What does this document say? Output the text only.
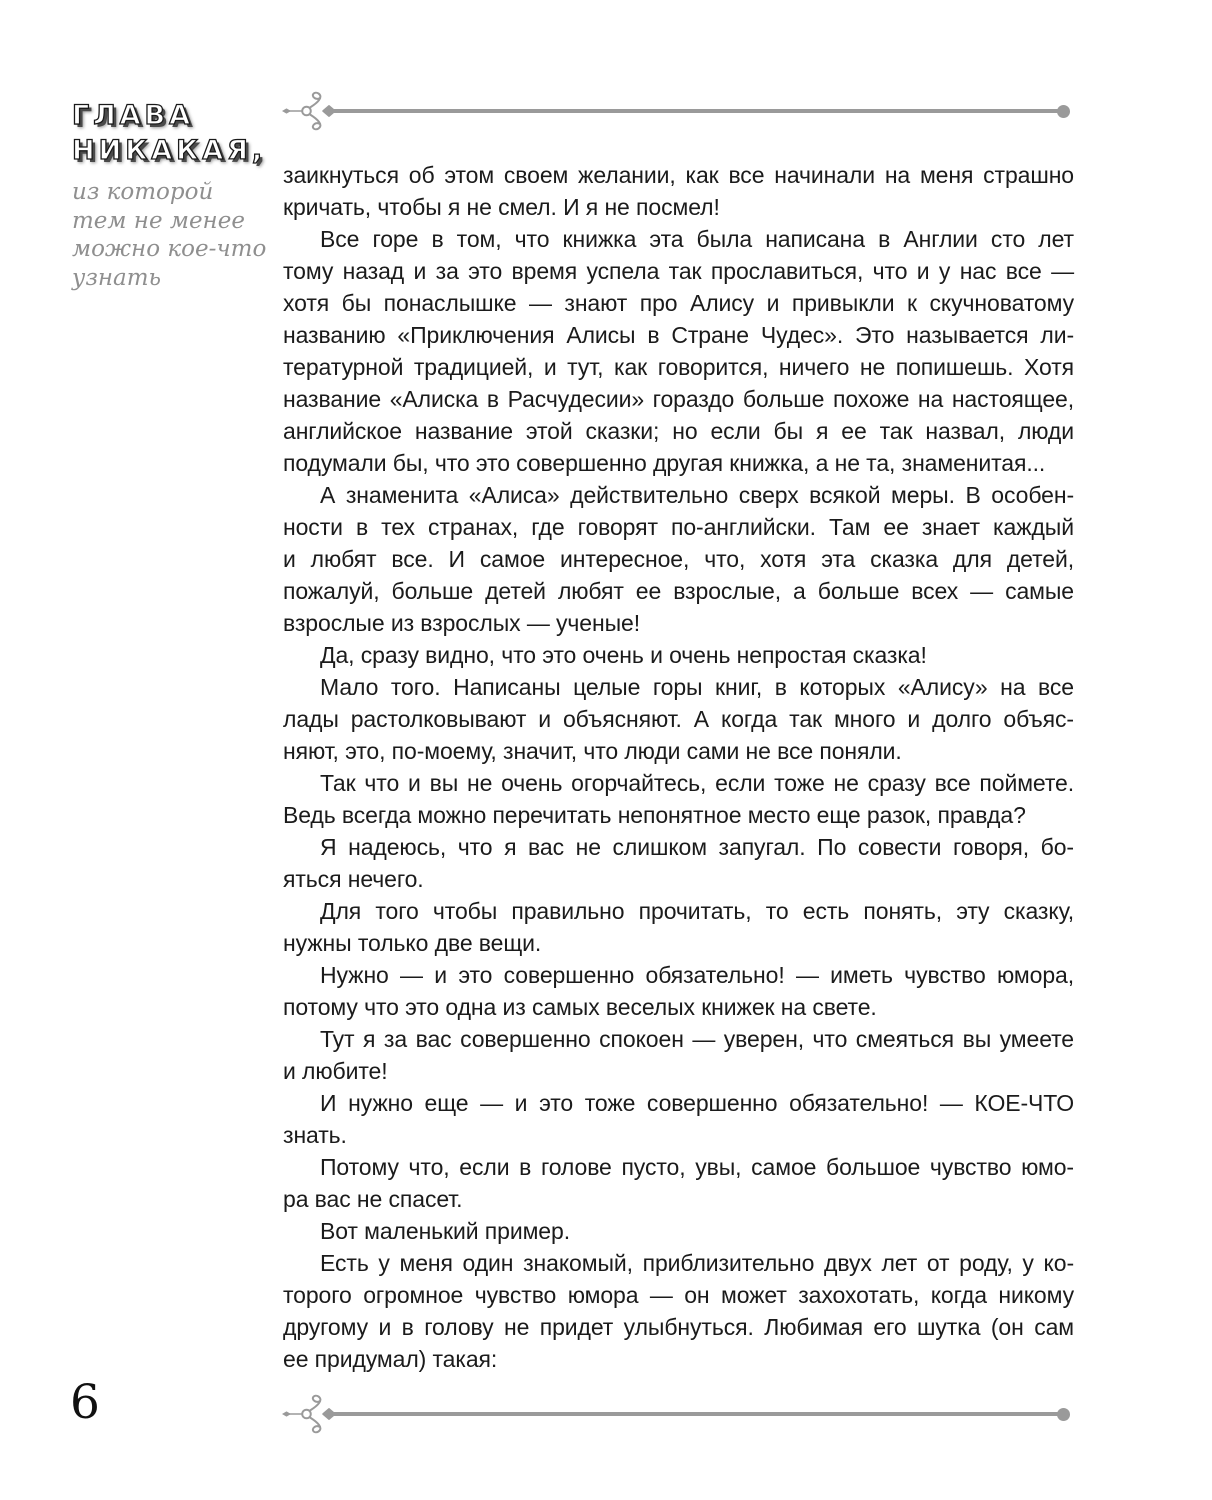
ГЛАВА
НИКАКАЯ,
из которой
тем не менее
можно кое-что
узнать
заикнуться об этом своем желании, как все начинали на меня страшно
кричать, чтобы я не смел. И я не посмел!
Все горе в том, что книжка эта была написана в Англии сто лет
тому назад и за это время успела так прославиться, что и у нас все —
хотя бы понаслышке — знают про Алису и привыкли к скучноватому
названию «Приключения Алисы в Стране Чудес». Это называется ли-
тературной традицией, и тут, как говорится, ничего не попишешь. Хотя
название «Алиска в Расчудесии» гораздо больше похоже на настоящее,
английское название этой сказки; но если бы я ее так назвал, люди
подумали бы, что это совершенно другая книжка, а не та, знаменитая...
А знаменита «Алиса» действительно сверх всякой меры. В особен-
ности в тех странах, где говорят по-английски. Там ее знает каждый
и любят все. И самое интересное, что, хотя эта сказка для детей,
пожалуй, больше детей любят ее взрослые, а больше всех — самые
взрослые из взрослых — ученые!
Да, сразу видно, что это очень и очень непростая сказка!
Мало того. Написаны целые горы книг, в которых «Алису» на все
лады растолковывают и объясняют. А когда так много и долго объяс-
няют, это, по-моему, значит, что люди сами не все поняли.
Так что и вы не очень огорчайтесь, если тоже не сразу все поймете.
Ведь всегда можно перечитать непонятное место еще разок, правда?
Я надеюсь, что я вас не слишком запугал. По совести говоря, бо-
яться нечего.
Для того чтобы правильно прочитать, то есть понять, эту сказку,
нужны только две вещи.
Нужно — и это совершенно обязательно! — иметь чувство юмора,
потому что это одна из самых веселых книжек на свете.
Тут я за вас совершенно спокоен — уверен, что смеяться вы умеете
и любите!
И нужно еще — и это тоже совершенно обязательно! — КОЕ-ЧТО знать.
Потому что, если в голове пусто, увы, самое большое чувство юмо-
ра вас не спасет.
Вот маленький пример.
Есть у меня один знакомый, приблизительно двух лет от роду, у ко-
торого огромное чувство юмора — он может захохотать, когда никому
другому и в голову не придет улыбнуться. Любимая его шутка (он сам
ее придумал) такая:
6
